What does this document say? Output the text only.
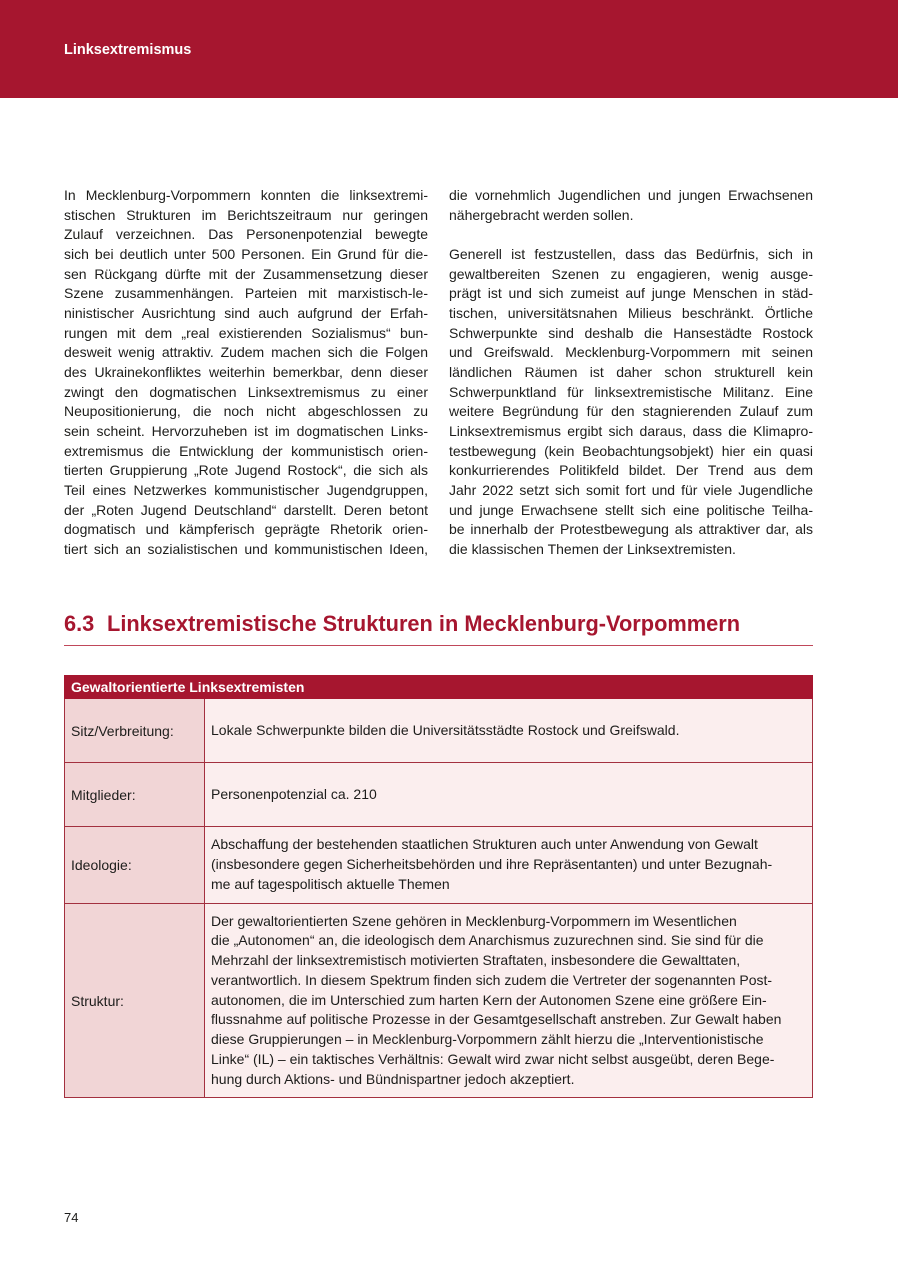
Linksextremismus
In Mecklenburg-Vorpommern konnten die linksextremi-
stischen Strukturen im Berichtszeitraum nur geringen
Zulauf verzeichnen. Das Personenpotenzial bewegte
sich bei deutlich unter 500 Personen. Ein Grund für die-
sen Rückgang dürfte mit der Zusammensetzung dieser
Szene zusammenhängen. Parteien mit marxistisch-le-
ninistischer Ausrichtung sind auch aufgrund der Erfah-
rungen mit dem „real existierenden Sozialismus“ bun-
desweit wenig attraktiv. Zudem machen sich die Folgen
des Ukrainekonfliktes weiterhin bemerkbar, denn dieser
zwingt den dogmatischen Linksextremismus zu einer
Neupositionierung, die noch nicht abgeschlossen zu
sein scheint. Hervorzuheben ist im dogmatischen Links-
extremismus die Entwicklung der kommunistisch orien-
tierten Gruppierung „Rote Jugend Rostock“, die sich als
Teil eines Netzwerkes kommunistischer Jugendgruppen,
der „Roten Jugend Deutschland“ darstellt. Deren betont
dogmatisch und kämpferisch geprägte Rhetorik orien-
tiert sich an sozialistischen und kommunistischen Ideen,
die vornehmlich Jugendlichen und jungen Erwachsenen
nähergebracht werden sollen.
Generell ist festzustellen, dass das Bedürfnis, sich in
gewaltbereiten Szenen zu engagieren, wenig ausge-
prägt ist und sich zumeist auf junge Menschen in städ-
tischen, universitätsnahen Milieus beschränkt. Örtliche
Schwerpunkte sind deshalb die Hansestädte Rostock
und Greifswald. Mecklenburg-Vorpommern mit seinen
ländlichen Räumen ist daher schon strukturell kein
Schwerpunktland für linksextremistische Militanz. Eine
weitere Begründung für den stagnierenden Zulauf zum
Linksextremismus ergibt sich daraus, dass die Klimapro-
testbewegung (kein Beobachtungsobjekt) hier ein quasi
konkurrierendes Politikfeld bildet. Der Trend aus dem
Jahr 2022 setzt sich somit fort und für viele Jugendliche
und junge Erwachsene stellt sich eine politische Teilha-
be innerhalb der Protestbewegung als attraktiver dar, als
die klassischen Themen der Linksextremisten.
6.3 Linksextremistische Strukturen in Mecklenburg-Vorpommern
Gewaltorientierte Linksextremisten
Sitz/Verbreitung:	Lokale Schwerpunkte bilden die Universitätsstädte Rostock und Greifswald.
Mitglieder:	Personenpotenzial ca. 210
Ideologie:
Abschaffung der bestehenden staatlichen Strukturen auch unter Anwendung von Gewalt
(insbesondere gegen Sicherheitsbehörden und ihre Repräsentanten) und unter Bezugnah-
me auf tagespolitisch aktuelle Themen
Struktur:
Der gewaltorientierten Szene gehören in Mecklenburg-Vorpommern im Wesentlichen
die „Autonomen“ an, die ideologisch dem Anarchismus zuzurechnen sind. Sie sind für die
Mehrzahl der linksextremistisch motivierten Straftaten, insbesondere die Gewalttaten,
verantwortlich. In diesem Spektrum finden sich zudem die Vertreter der sogenannten Post-
autonomen, die im Unterschied zum harten Kern der Autonomen Szene eine größere Ein-
flussnahme auf politische Prozesse in der Gesamtgesellschaft anstreben. Zur Gewalt haben
diese Gruppierungen – in Mecklenburg-Vorpommern zählt hierzu die „Interventionistische
Linke“ (IL) – ein taktisches Verhältnis: Gewalt wird zwar nicht selbst ausgeübt, deren Bege-
hung durch Aktions- und Bündnispartner jedoch akzeptiert.
74
